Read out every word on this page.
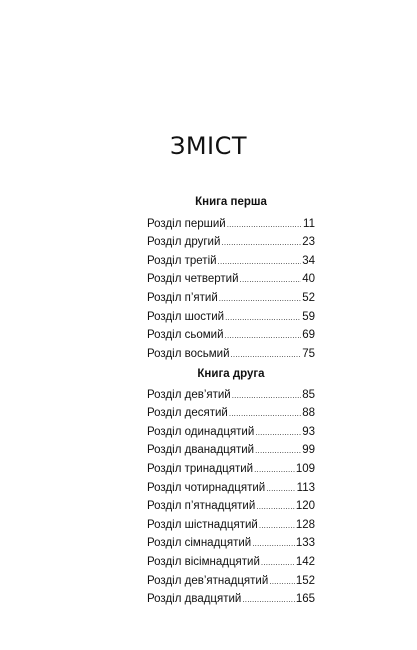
ЗМІСТ
Книга перша
Розділ перший .....	11
Розділ другий .....	23
Розділ третій .....	34
Розділ четвертий .....	40
Розділ п’ятий .....	52
Розділ шостий .....	59
Розділ сьомий .....	69
Розділ восьмий .....	75
Книга друга
Розділ дев’ятий .....	85
Розділ десятий .....	88
Розділ одинадцятий .....	93
Розділ дванадцятий .....	99
Розділ тринадцятий .....	109
Розділ чотирнадцятий .....	113
Розділ п’ятнадцятий .....	120
Розділ шістнадцятий .....	128
Розділ сімнадцятий .....	133
Розділ вісімнадцятий .....	142
Розділ дев’ятнадцятий ..... 152
Розділ двадцятий .....	165
